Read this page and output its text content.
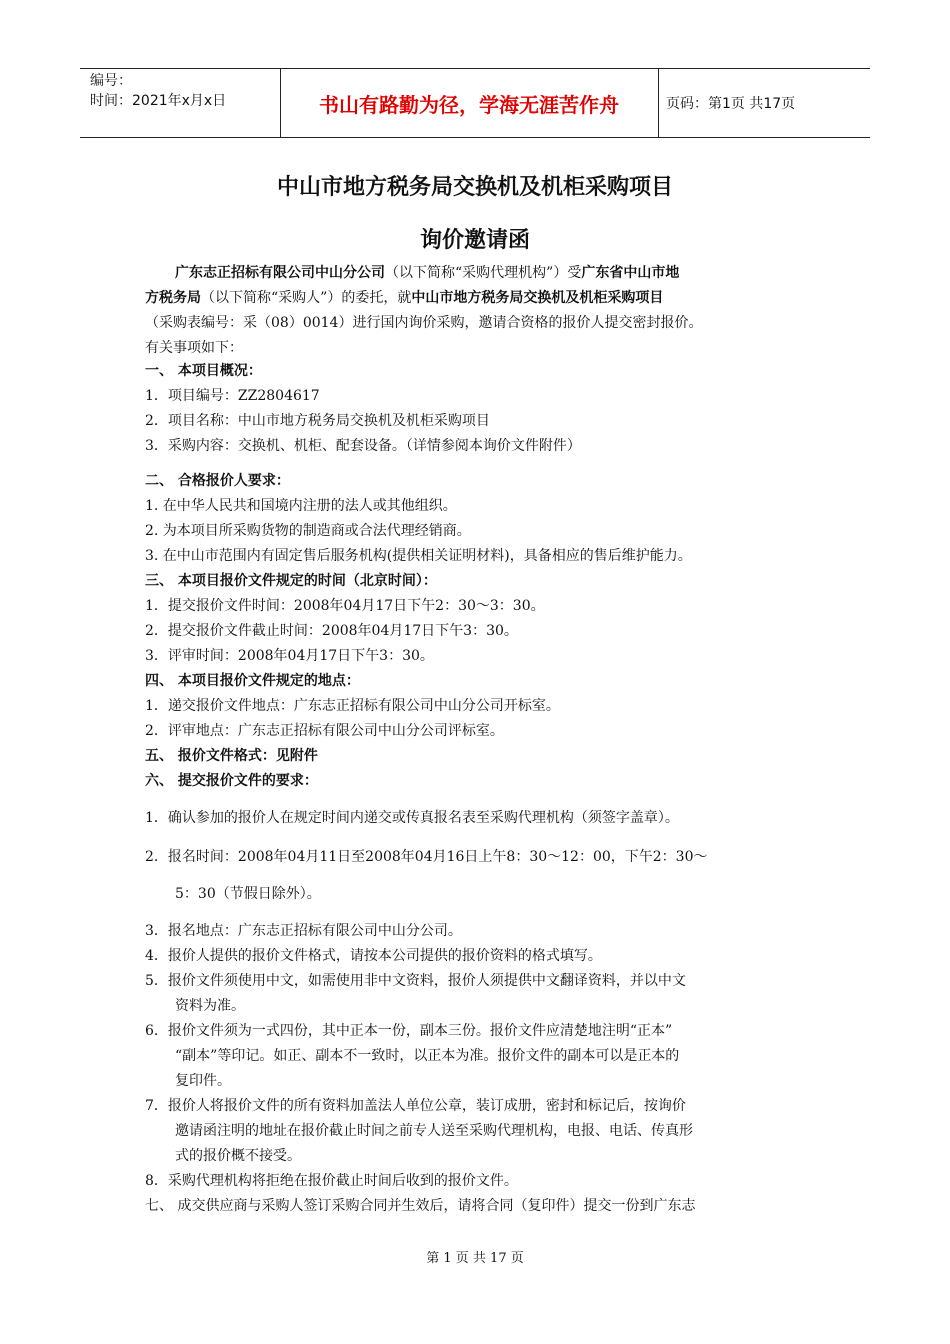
编号：
时间：2021年x月x日	书山有路勤为径，学海无涯苦作舟	页码：第1页 共17页
中山市地方税务局交换机及机柜采购项目
询价邀请函
广东志正招标有限公司中山分公司（以下简称“采购代理机构”）受广东省中山市地
方税务局（以下简称“采购人”）的委托，就中山市地方税务局交换机及机柜采购项目
（采购表编号：采（08）0014）进行国内询价采购，邀请合资格的报价人提交密封报价。
有关事项如下：
一、 本项目概况：
1．项目编号：ZZ2804617
2．项目名称：中山市地方税务局交换机及机柜采购项目
3．采购内容：交换机、机柜、配套设备。（详情参阅本询价文件附件）
二、 合格报价人要求：
1. 在中华人民共和国境内注册的法人或其他组织。
2. 为本项目所采购货物的制造商或合法代理经销商。
3. 在中山市范围内有固定售后服务机构(提供相关证明材料)，具备相应的售后维护能力。
三、 本项目报价文件规定的时间（北京时间）：
1．提交报价文件时间：2008年04月17日下午2：30～3：30。
2．提交报价文件截止时间：2008年04月17日下午3：30。
3．评审时间：2008年04月17日下午3：30。
四、 本项目报价文件规定的地点：
1．递交报价文件地点：广东志正招标有限公司中山分公司开标室。
2．评审地点：广东志正招标有限公司中山分公司评标室。
五、 报价文件格式：见附件
六、 提交报价文件的要求：
1．确认参加的报价人在规定时间内递交或传真报名表至采购代理机构（须签字盖章）。
2．报名时间：2008年04月11日至2008年04月16日上午8：30～12：00，下午2：30～
5：30（节假日除外）。
3．报名地点：广东志正招标有限公司中山分公司。
4．报价人提供的报价文件格式，请按本公司提供的报价资料的格式填写。
5．报价文件须使用中文，如需使用非中文资料，报价人须提供中文翻译资料，并以中文
资料为准。
6．报价文件须为一式四份，其中正本一份，副本三份。报价文件应清楚地注明“正本”
“副本”等印记。如正、副本不一致时，以正本为准。报价文件的副本可以是正本的
复印件。
7．报价人将报价文件的所有资料加盖法人单位公章，装订成册，密封和标记后，按询价
邀请函注明的地址在报价截止时间之前专人送至采购代理机构，电报、电话、传真形
式的报价概不接受。
8．采购代理机构将拒绝在报价截止时间后收到的报价文件。
七、 成交供应商与采购人签订采购合同并生效后，请将合同（复印件）提交一份到广东志
第 1 页 共 17 页
